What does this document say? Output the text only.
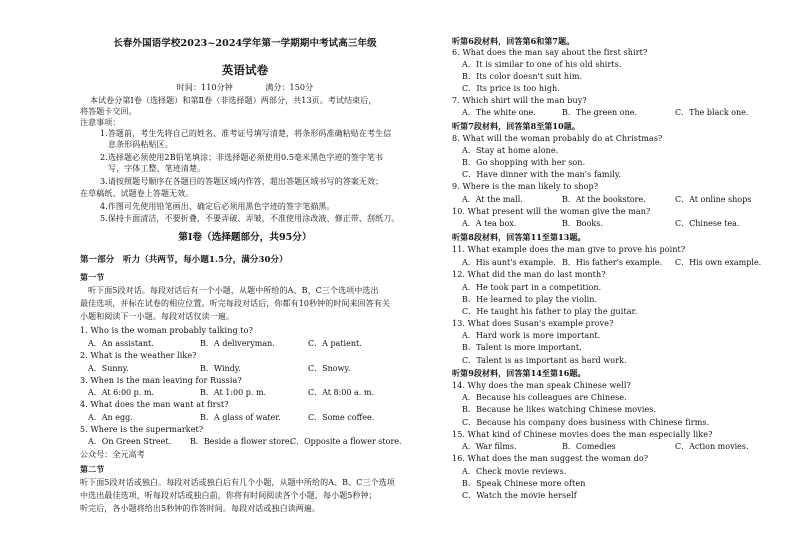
长春外国语学校2023~2024学年第一学期期中考试高三年级
英语试卷
时间：110分钟　　　　满分：150分
本试卷分第Ⅰ卷（选择题）和第Ⅱ卷（非选择题）两部分，共13页。考试结束后，
将答题卡交回。
注意事项：
1.答题前，考生先将自己的姓名、准考证号填写清楚，将条形码准确粘贴在考生信
息条形码粘贴区。
2.选择题必须使用2B铅笔填涂；非选择题必须使用0.5毫米黑色字迹的签字笔书
写，字体工整、笔迹清楚。
3.请按照题号顺序在各题目的答题区域内作答，超出答题区域书写的答案无效；
在草稿纸、试题卷上答题无效。
4.作图可先使用铅笔画出，确定后必须用黑色字迹的签字笔描黑。
5.保持卡面清洁，不要折叠，不要弄破、弄皱，不准使用涂改液、修正带、刮纸刀。
第Ⅰ卷（选择题部分，共95分）
第一部分　听力（共两节，每小题1.5分，满分30分）
第一节
听下面5段对话。每段对话后有一个小题，从题中所给的A、B、C三个选项中选出
最佳选项，并标在试卷的相应位置。听完每段对话后，你都有10秒钟的时间来回答有关
小题和阅读下一小题。每段对话仅读一遍。
1. Who is the woman probably talking to?
A．An assistant.	B．A deliveryman.	C．A patient.
2. What is the weather like?
A．Sunny.	B．Windy.	C．Snowy.
3. When is the man leaving for Russia?
A．At 6:00 p. m.	B．At 1:00 p. m.	C．At 8:00 a. m.
4. What does the man want at first?
A．An egg.	B．A glass of water.	C．Some coffee.
5. Where is the supermarket?
A．On Green Street. B．Beside a flower store.
C．Opposite a flower store.
公众号：全元高考
第二节
听下面5段对话或独白。每段对话或独白后有几个小题，从题中所给的A、B、C三个选项
中选出最佳选项，听每段对话或独白前，你将有时间阅读各个小题，每小题5秒钟；
听完后，各小题将给出5秒钟的作答时间。每段对话或独白读两遍。
听第6段材料，回答第6和第7题。
6. What does the man say about the first shirt?
A．It is similar to one of his old shirts.
B．Its color doesn't suit him.
C．Its price is too high.
7. Which shirt will the man buy?
A．The white one.	B．The green one.	C．The black one.
听第7段材料，回答第8至第10题。
8. What will the woman probably do at Christmas?
A．Stay at home alone.
B．Go shopping with her son.
C．Have dinner with the man's family.
9. Where is the man likely to shop?
A．At the mall.	B．At the bookstore.	C．At online shops
10. What present will the woman give the man?
A．A tea box.	B．Books.	C．Chinese tea.
听第8段材料，回答第11至第13题。
11. What example does the man give to prove his point?
A．His aunt's example. B．His father's example. C．His own example.
12. What did the man do last month?
A．He took part in a competition.
B．He learned to play the violin.
C．He taught his father to play the guitar.
13. What does Susan's example prove?
A．Hard work is more important.
B．Talent is more important.
C．Talent is as important as hard work.
听第9段材料，回答第14至第16题。
14. Why does the man speak Chinese well?
A．Because his colleagues are Chinese.
B．Because he likes watching Chinese movies.
C．Because his company does business with Chinese firms.
15. What kind of Chinese movies does the man especially like?
A．War films.	B．Comedies	C．Action movies.
16. What does the man suggest the woman do?
A．Check movie reviews.
B．Speak Chinese more often
C．Watch the movie herself
